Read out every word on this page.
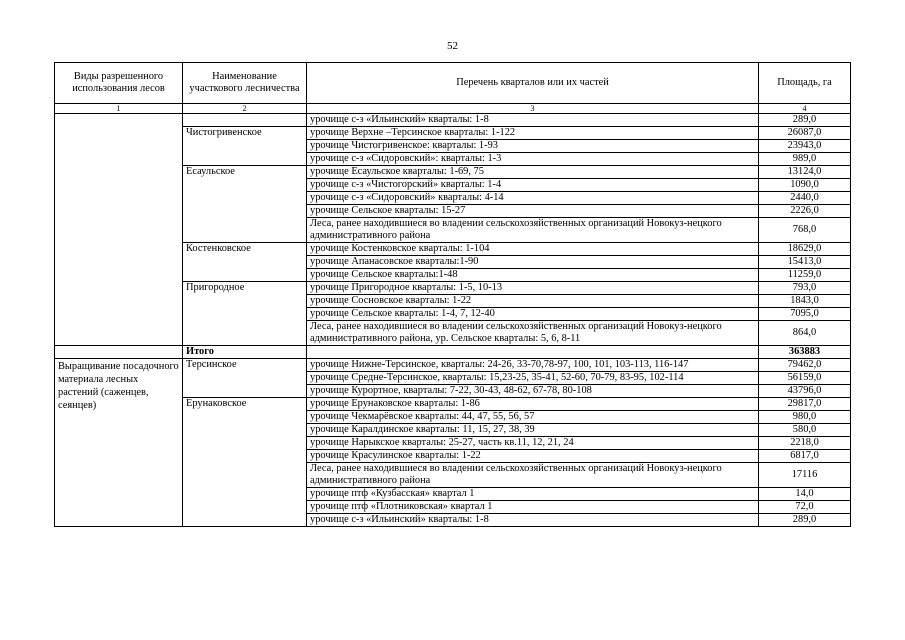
52
Виды разрешенного использования лесов	Наименование участкового лесничества	Перечень кварталов или их частей	Площадь, га
1	2	3	4
		урочище с-з «Ильинский» кварталы: 1-8	289,0
	Чистогривенское	урочище Верхне –Терсинское кварталы: 1-122	26087,0
		урочище Чистогривенское: кварталы: 1-93	23943,0
		урочище с-з «Сидоровский»: кварталы: 1-3	989,0
	Есаульское	урочище Есаульское кварталы: 1-69, 75	13124,0
		урочище с-з «Чистогорский» кварталы: 1-4	1090,0
		урочище с-з «Сидоровский» кварталы: 4-14	2440,0
		урочище Сельское кварталы: 15-27	2226,0
		Леса, ранее находившиеся во владении сельскохозяйственных организаций Новокуз-нецкого административного района	768,0
	Костенковское	урочище Костенковское кварталы: 1-104	18629,0
		урочище Апанасовское кварталы:1-90	15413,0
		урочище Сельское кварталы:1-48	11259,0
	Пригородное	урочище Пригородное кварталы: 1-5, 10-13	793,0
		урочище Сосновское кварталы: 1-22	1843,0
		урочище Сельское кварталы: 1-4, 7, 12-40	7095,0
		Леса, ранее находившиеся во владении сельскохозяйственных организаций Новокуз-нецкого административного района, ур. Сельское кварталы: 5, 6, 8-11	864,0
	Итого		363883
Выращивание посадочного материала лесных растений (саженцев, сеянцев)	Терсинское	урочище Нижне-Терсинское, кварталы: 24-26, 33-70,78-97, 100, 101, 103-113, 116-147	79462,0
		урочище Средне-Терсинское, кварталы: 15,23-25, 35-41, 52-60, 70-79, 83-95, 102-114	56159,0
		урочище Курортное, кварталы: 7-22, 30-43, 48-62, 67-78, 80-108	43796,0
	Ерунаковское	урочище Ерунаковское кварталы: 1-86	29817,0
		урочище Чекмарёвское кварталы: 44, 47, 55, 56, 57	980,0
		урочище Каралдинское кварталы: 11, 15, 27, 38, 39	580,0
		урочище Нарыкское кварталы: 25-27, часть кв.11, 12, 21, 24	2218,0
		урочище Красулинское кварталы: 1-22	6817,0
		Леса, ранее находившиеся во владении сельскохозяйственных организаций Новокуз-нецкого административного района	17116
		урочище птф «Кузбасская» квартал 1	14,0
		урочище птф «Плотниковская» квартал 1	72,0
		урочище с-з «Ильинский» кварталы: 1-8	289,0
